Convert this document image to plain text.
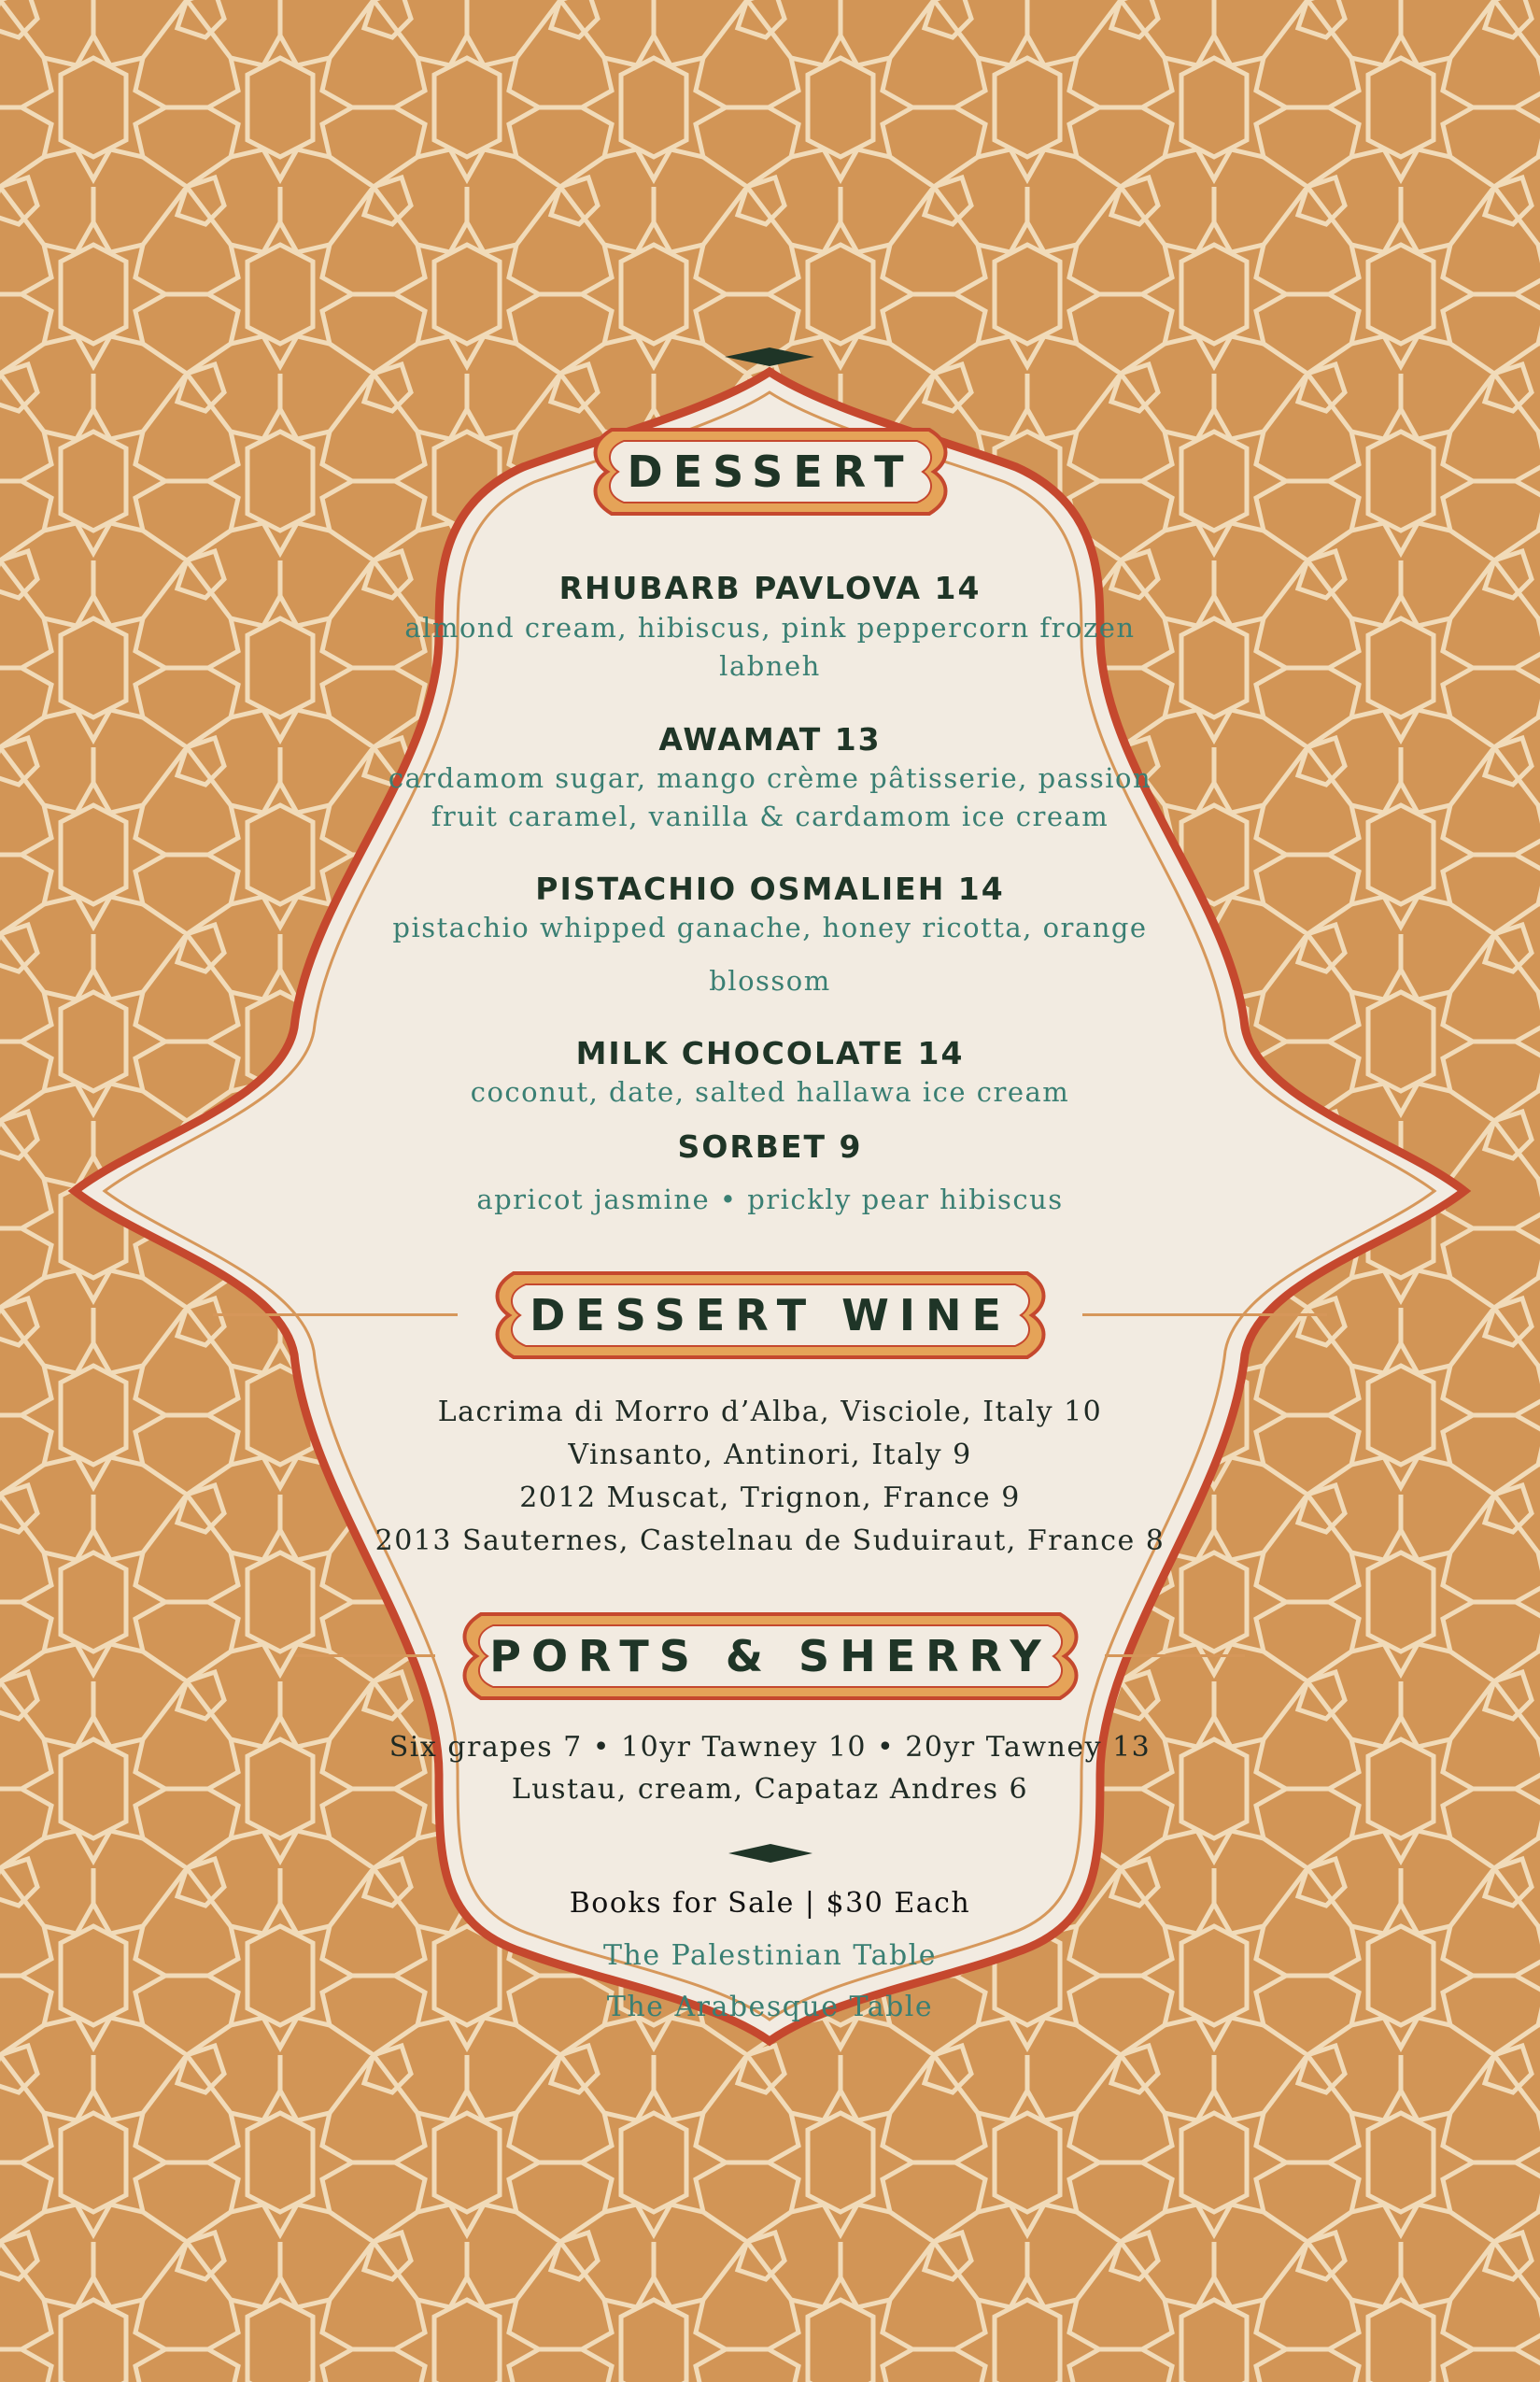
DESSERT
RHUBARB PAVLOVA 14
almond cream, hibiscus, pink peppercorn frozen
labneh
AWAMAT 13
cardamom sugar, mango crème pâtisserie, passion
fruit caramel, vanilla & cardamom ice cream
PISTACHIO OSMALIEH 14
pistachio whipped ganache, honey ricotta, orange
blossom
MILK CHOCOLATE 14
coconut, date, salted hallawa ice cream
SORBET 9
apricot jasmine • prickly pear hibiscus
DESSERT WINE
Lacrima di Morro d’Alba, Visciole, Italy 10
Vinsanto, Antinori, Italy 9
2012 Muscat, Trignon, France 9
2013 Sauternes, Castelnau de Suduiraut, France 8
PORTS & SHERRY
Six grapes 7 • 10yr Tawney 10 • 20yr Tawney 13
Lustau, cream, Capataz Andres 6
Books for Sale | $30 Each
The Palestinian Table
The Arabesque Table
